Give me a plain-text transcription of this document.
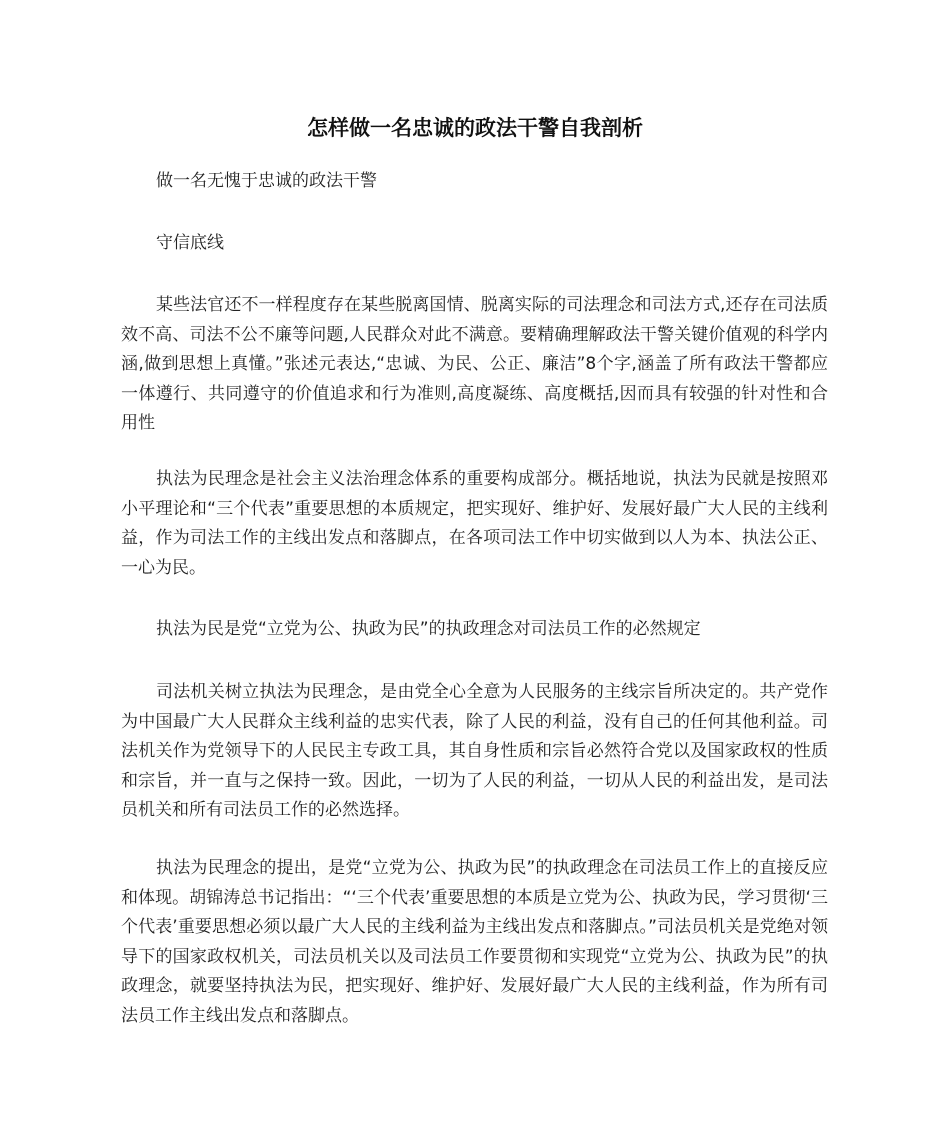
怎样做一名忠诚的政法干警自我剖析

做一名无愧于忠诚的政法干警

守信底线

某些法官还不一样程度存在某些脱离国情、脱离实际的司法理念和司法方式,还存在司法质效不高、司法不公不廉等问题,人民群众对此不满意。要精确理解政法干警关键价值观的科学内涵,做到思想上真懂。”张述元表达,“忠诚、为民、公正、廉洁”8个字,涵盖了所有政法干警都应一体遵行、共同遵守的价值追求和行为准则,高度凝练、高度概括,因而具有较强的针对性和合用性

执法为民理念是社会主义法治理念体系的重要构成部分。概括地说，执法为民就是按照邓小平理论和“三个代表”重要思想的本质规定，把实现好、维护好、发展好最广大人民的主线利益，作为司法工作的主线出发点和落脚点，在各项司法工作中切实做到以人为本、执法公正、一心为民。

执法为民是党“立党为公、执政为民”的执政理念对司法员工作的必然规定

司法机关树立执法为民理念，是由党全心全意为人民服务的主线宗旨所决定的。共产党作为中国最广大人民群众主线利益的忠实代表，除了人民的利益，没有自己的任何其他利益。司法机关作为党领导下的人民民主专政工具，其自身性质和宗旨必然符合党以及国家政权的性质和宗旨，并一直与之保持一致。因此，一切为了人民的利益，一切从人民的利益出发，是司法员机关和所有司法员工作的必然选择。

执法为民理念的提出，是党“立党为公、执政为民”的执政理念在司法员工作上的直接反应和体现。胡锦涛总书记指出：“‘三个代表’重要思想的本质是立党为公、执政为民，学习贯彻‘三个代表’重要思想必须以最广大人民的主线利益为主线出发点和落脚点。”司法员机关是党绝对领导下的国家政权机关，司法员机关以及司法员工作要贯彻和实现党“立党为公、执政为民”的执政理念，就要坚持执法为民，把实现好、维护好、发展好最广大人民的主线利益，作为所有司法员工作主线出发点和落脚点。
